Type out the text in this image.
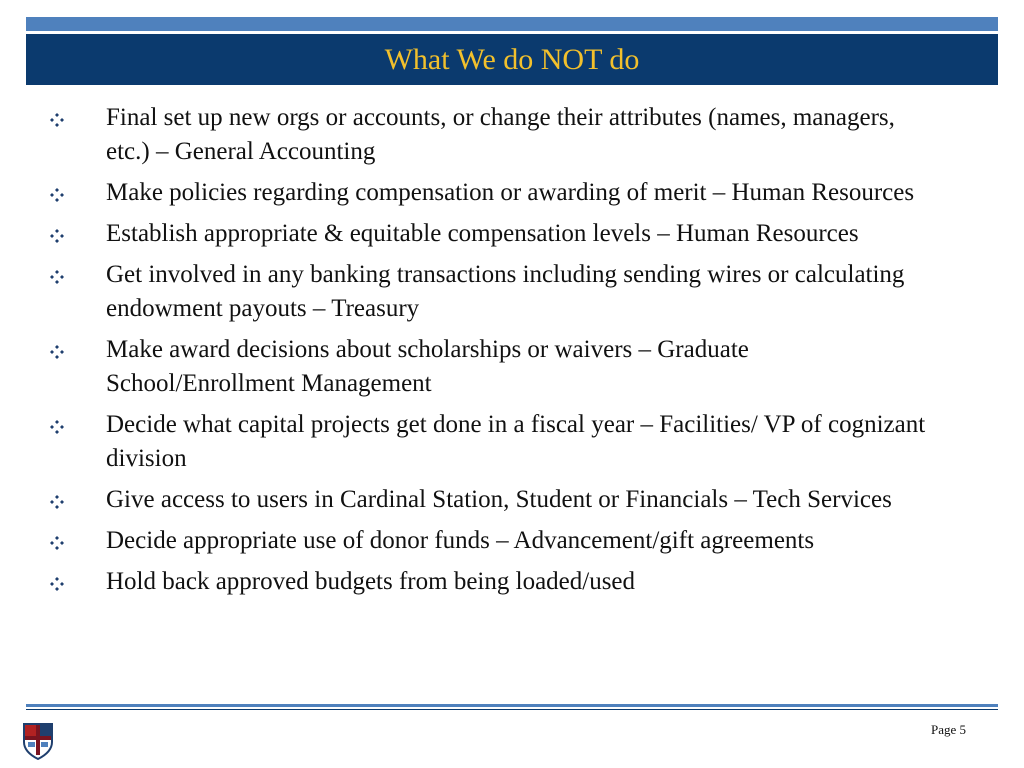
What We do NOT do
Final set up new orgs or accounts, or change their attributes (names, managers, etc.) – General Accounting
Make policies regarding compensation or awarding of merit – Human Resources
Establish appropriate & equitable compensation levels – Human Resources
Get involved in any banking transactions including sending wires or calculating endowment payouts – Treasury
Make award decisions about scholarships or waivers – Graduate School/Enrollment Management
Decide what capital projects get done in a fiscal year – Facilities/ VP of cognizant division
Give access to users in Cardinal Station, Student or Financials – Tech Services
Decide appropriate use of donor funds – Advancement/gift agreements
Hold back approved budgets from being loaded/used
Page 5
